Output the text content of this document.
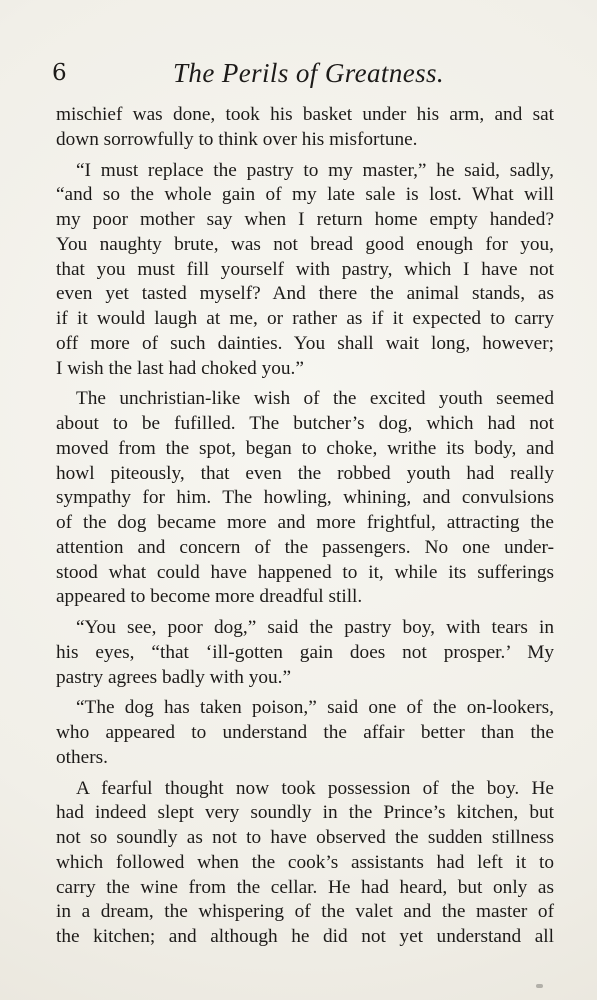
6	The Perils of Greatness.
mischief was done, took his basket under his arm, and sat
down sorrowfully to think over his misfortune.
“I must replace the pastry to my master,” he said, sadly,
“and so the whole gain of my late sale is lost. What will
my poor mother say when I return home empty handed?
You naughty brute, was not bread good enough for you,
that you must fill yourself with pastry, which I have not
even yet tasted myself? And there the animal stands, as
if it would laugh at me, or rather as if it expected to carry
off more of such dainties. You shall wait long, however;
I wish the last had choked you.”
The unchristian-like wish of the excited youth seemed
about to be fufilled. The butcher’s dog, which had not
moved from the spot, began to choke, writhe its body, and
howl piteously, that even the robbed youth had really
sympathy for him. The howling, whining, and convulsions
of the dog became more and more frightful, attracting the
attention and concern of the passengers. No one under-
stood what could have happened to it, while its sufferings
appeared to become more dreadful still.
“You see, poor dog,” said the pastry boy, with tears in
his eyes, “that ‘ill-gotten gain does not prosper.’ My
pastry agrees badly with you.”
“The dog has taken poison,” said one of the on-lookers,
who appeared to understand the affair better than the
others.
A fearful thought now took possession of the boy. He
had indeed slept very soundly in the Prince’s kitchen, but
not so soundly as not to have observed the sudden stillness
which followed when the cook’s assistants had left it to
carry the wine from the cellar. He had heard, but only as
in a dream, the whispering of the valet and the master of
the kitchen; and although he did not yet understand all
